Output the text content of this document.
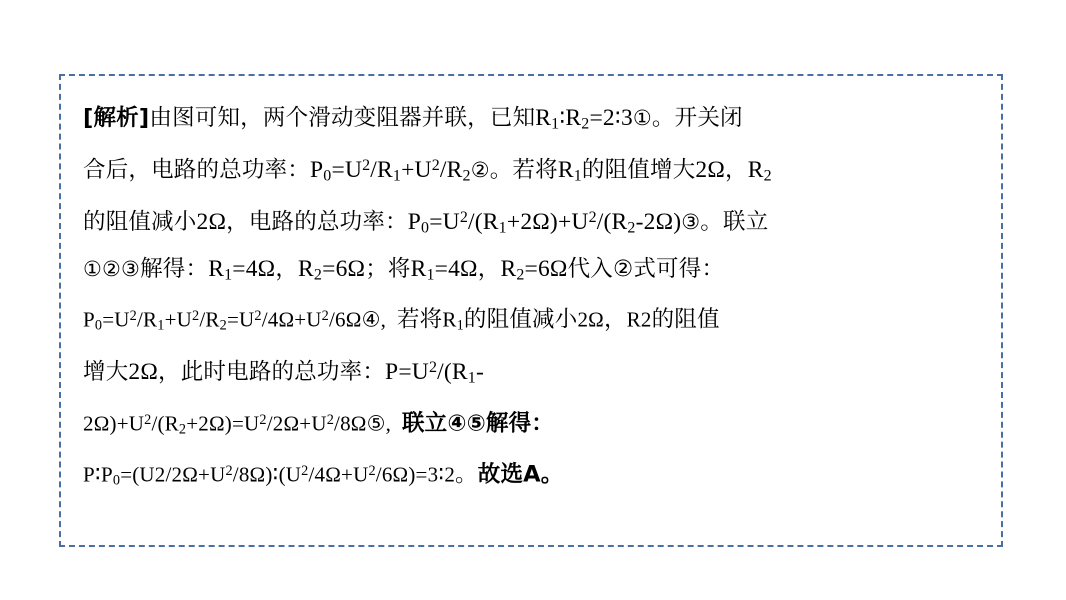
[解析]由图可知，两个滑动变阻器并联，已知$R_1∶R_2=2∶3①$。开关闭
合后，电路的总功率：$P_0=U^2/R_1+U^2/R_2②$。若将$R_1$的阻值增大2Ω，$R_2$
的阻值减小2Ω，电路的总功率：$P_0=U^2/(R_1+2\Omega)+U^2/(R_2-2\Omega)③$。联立
①②③解得：$R_1=4\Omega$，$R_2=6\Omega$；将$R_1=4\Omega$，$R_2=6\Omega$代入②式可得：
$P_0=U^2/R_1+U^2/R_2=U^2/4\Omega+U^2/6\Omega ④$,  若将$R_1$的阻值减小2Ω，R2的阻值
增大2Ω，此时电路的总功率：$P=U^2/(R_1-$
$2\Omega)+U^2/(R_2+2\Omega)=U^2/2\Omega+U^2/8\Omega ⑤$,  联立④⑤解得：
$P∶P_0=(U2/2\Omega+U^2/8\Omega)∶(U^2/4\Omega+U^2/6\Omega)=3∶2$。故选A。
